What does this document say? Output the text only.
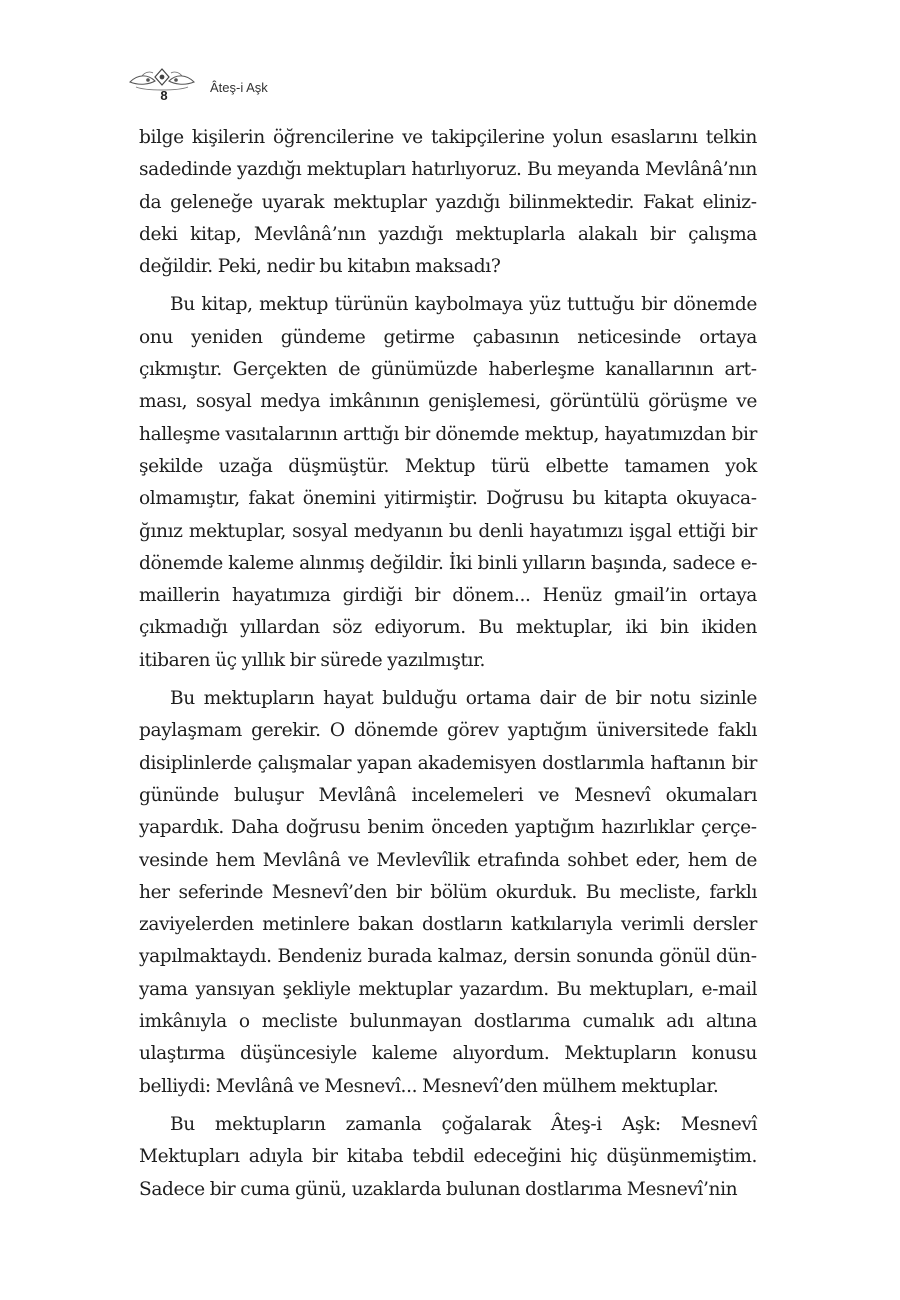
8
Âteş-i Aşk

bilge kişilerin öğrencilerine ve takipçilerine yolun esaslarını telkin sadedinde yazdığı mektupları hatırlıyoruz. Bu meyanda Mevlânâ’nın da geleneğe uyarak mektuplar yazdığı bilinmektedir. Fakat elinizdeki kitap, Mevlânâ’nın yazdığı mektuplarla alakalı bir çalışma değildir. Peki, nedir bu kitabın maksadı?

Bu kitap, mektup türünün kaybolmaya yüz tuttuğu bir dönemde onu yeniden gündeme getirme çabasının neticesinde ortaya çıkmıştır. Gerçekten de günümüzde haberleşme kanallarının artması, sosyal medya imkânının genişlemesi, görüntülü görüşme ve halleşme vasıtalarının arttığı bir dönemde mektup, hayatımızdan bir şekilde uzağa düşmüştür. Mektup türü elbette tamamen yok olmamıştır, fakat önemini yitirmiştir. Doğrusu bu kitapta okuyacağınız mektuplar, sosyal medyanın bu denli hayatımızı işgal ettiği bir dönemde kaleme alınmış değildir. İki binli yılların başında, sadece e-maillerin hayatımıza girdiği bir dönem... Henüz gmail’in ortaya çıkmadığı yıllardan söz ediyorum. Bu mektuplar, iki bin ikiden itibaren üç yıllık bir sürede yazılmıştır.

Bu mektupların hayat bulduğu ortama dair de bir notu sizinle paylaşmam gerekir. O dönemde görev yaptığım üniversitede faklı disiplinlerde çalışmalar yapan akademisyen dostlarımla haftanın bir gününde buluşur Mevlânâ incelemeleri ve Mesnevî okumaları yapardık. Daha doğrusu benim önceden yaptığım hazırlıklar çerçevesinde hem Mevlânâ ve Mevlevîlik etrafında sohbet eder, hem de her seferinde Mesnevî’den bir bölüm okurduk. Bu mecliste, farklı zaviyelerden metinlere bakan dostların katkılarıyla verimli dersler yapılmaktaydı. Bendeniz burada kalmaz, dersin sonunda gönül dünyama yansıyan şekliyle mektuplar yazardım. Bu mektupları, e-mail imkânıyla o mecliste bulunmayan dostlarıma cumalık adı altına ulaştırma düşüncesiyle kaleme alıyordum. Mektupların konusu belliydi: Mevlânâ ve Mesnevî... Mesnevî’den mülhem mektuplar.

Bu mektupların zamanla çoğalarak Âteş-i Aşk: Mesnevî Mektupları adıyla bir kitaba tebdil edeceğini hiç düşünmemiştim. Sadece bir cuma günü, uzaklarda bulunan dostlarıma Mesnevî’nin
